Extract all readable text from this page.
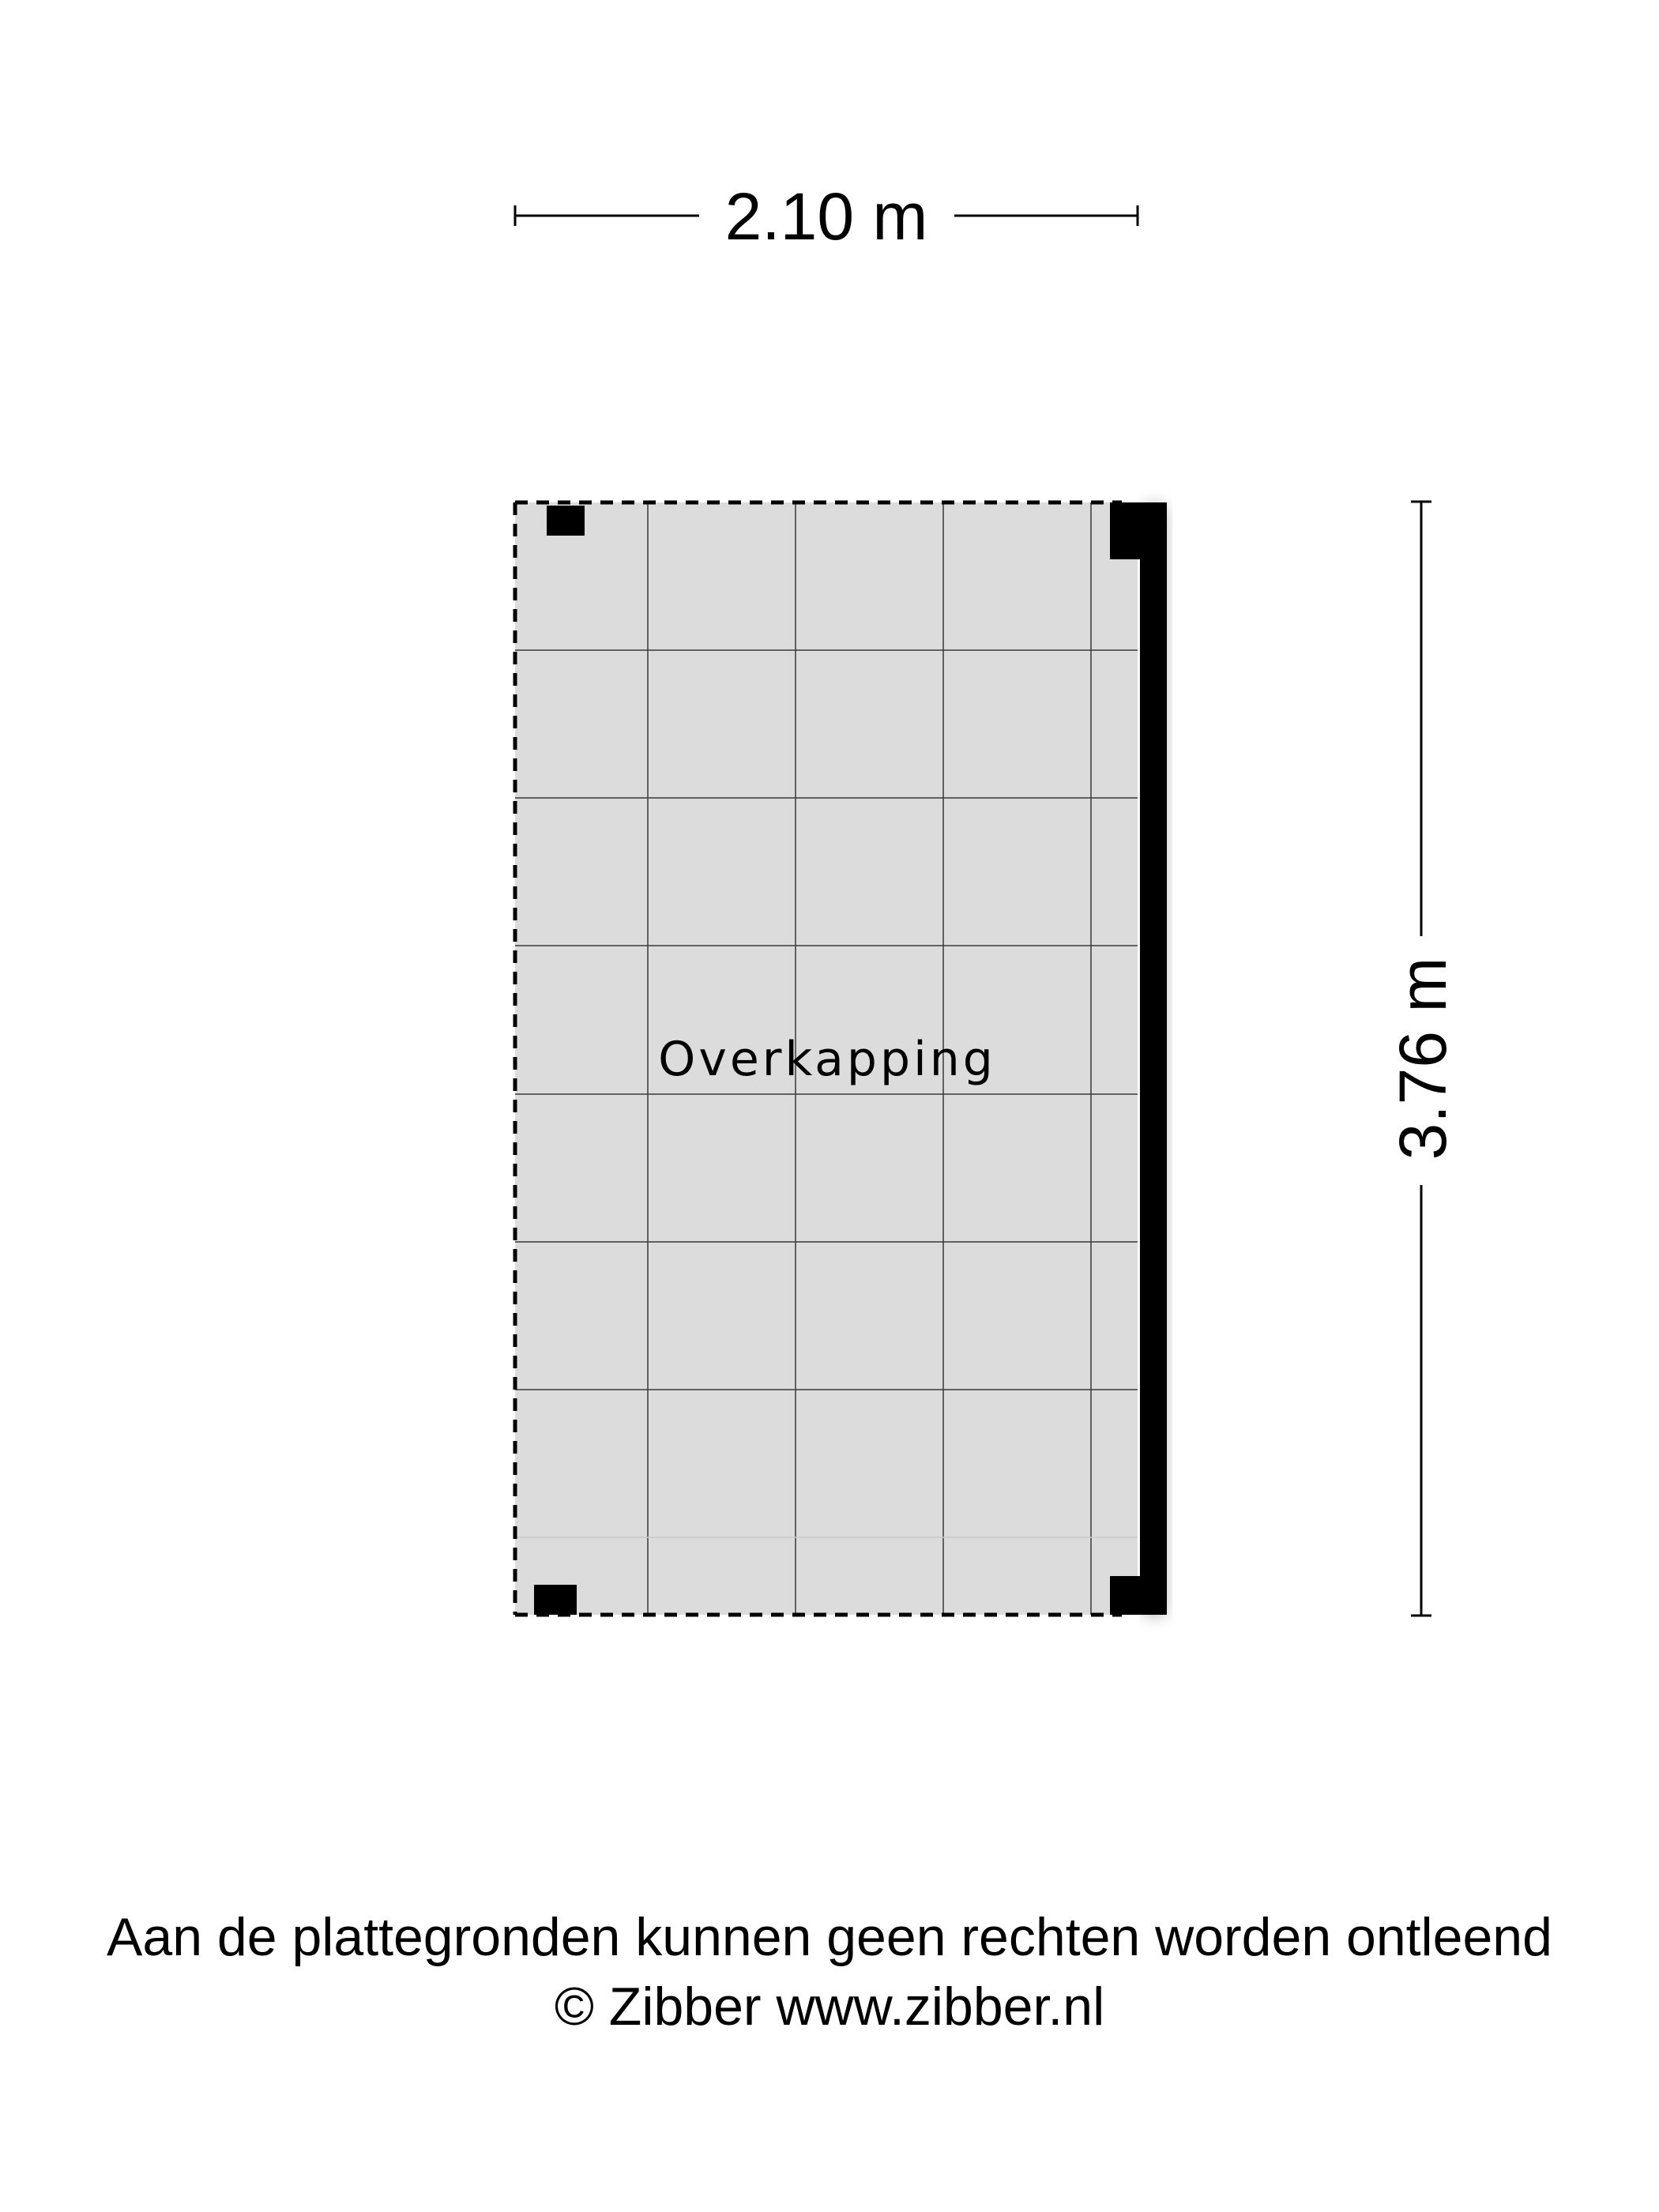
2.10 m
3.76 m
Overkapping
Aan de plattegronden kunnen geen rechten worden ontleend
© Zibber www.zibber.nl
